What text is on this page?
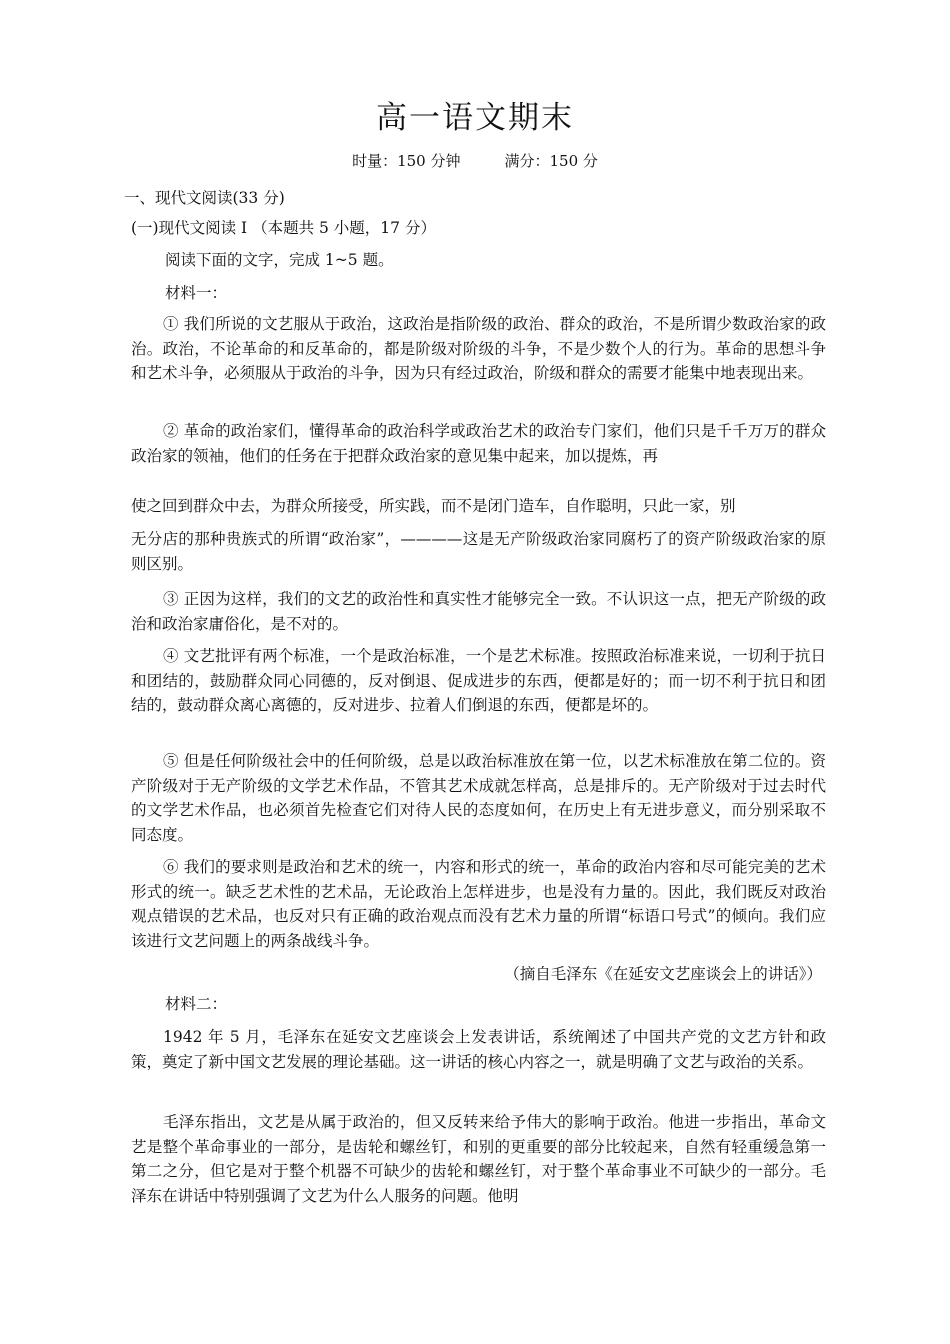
高一语文期末
时量：150 分钟	满分：150 分
一、现代文阅读(33 分)
(一)现代文阅读 Ⅰ （本题共 5 小题，17 分）
阅读下面的文字，完成 1~5 题。
材料一：

① 我们所说的文艺服从于政治，这政治是指阶级的政治、群众的政治，不是所谓少数政治家的政治。政治，不论革命的和反革命的，都是阶级对阶级的斗争，不是少数个人的行为。革命的思想斗争和艺术斗争，必须服从于政治的斗争，因为只有经过政治，阶级和群众的需要才能集中地表现出来。

② 革命的政治家们，懂得革命的政治科学或政治艺术的政治专门家们，他们只是千千万万的群众政治家的领袖，他们的任务在于把群众政治家的意见集中起来，加以提炼，再

使之回到群众中去，为群众所接受，所实践，而不是闭门造车，自作聪明，只此一家，别

无分店的那种贵族式的所谓“政治家”，————这是无产阶级政治家同腐朽了的资产阶级政治家的原则区别。

③ 正因为这样，我们的文艺的政治性和真实性才能够完全一致。不认识这一点，把无产阶级的政治和政治家庸俗化，是不对的。

④ 文艺批评有两个标准，一个是政治标准，一个是艺术标准。按照政治标准来说，一切利于抗日和团结的，鼓励群众同心同德的，反对倒退、促成进步的东西，便都是好的；而一切不利于抗日和团结的，鼓动群众离心离德的，反对进步、拉着人们倒退的东西，便都是坏的。

⑤ 但是任何阶级社会中的任何阶级，总是以政治标准放在第一位，以艺术标准放在第二位的。资产阶级对于无产阶级的文学艺术作品，不管其艺术成就怎样高，总是排斥的。无产阶级对于过去时代的文学艺术作品，也必须首先检查它们对待人民的态度如何，在历史上有无进步意义，而分别采取不同态度。

⑥ 我们的要求则是政治和艺术的统一，内容和形式的统一，革命的政治内容和尽可能完美的艺术形式的统一。缺乏艺术性的艺术品，无论政治上怎样进步，也是没有力量的。因此，我们既反对政治观点错误的艺术品，也反对只有正确的政治观点而没有艺术力量的所谓“标语口号式”的倾向。我们应该进行文艺问题上的两条战线斗争。

（摘自毛泽东《在延安文艺座谈会上的讲话》）
材料二：

1942 年 5 月，毛泽东在延安文艺座谈会上发表讲话，系统阐述了中国共产党的文艺方针和政策，奠定了新中国文艺发展的理论基础。这一讲话的核心内容之一，就是明确了文艺与政治的关系。

毛泽东指出，文艺是从属于政治的，但又反转来给予伟大的影响于政治。他进一步指出，革命文艺是整个革命事业的一部分，是齿轮和螺丝钉，和别的更重要的部分比较起来，自然有轻重缓急第一第二之分，但它是对于整个机器不可缺少的齿轮和螺丝钉，对于整个革命事业不可缺少的一部分。毛泽东在讲话中特别强调了文艺为什么人服务的问题。他明
